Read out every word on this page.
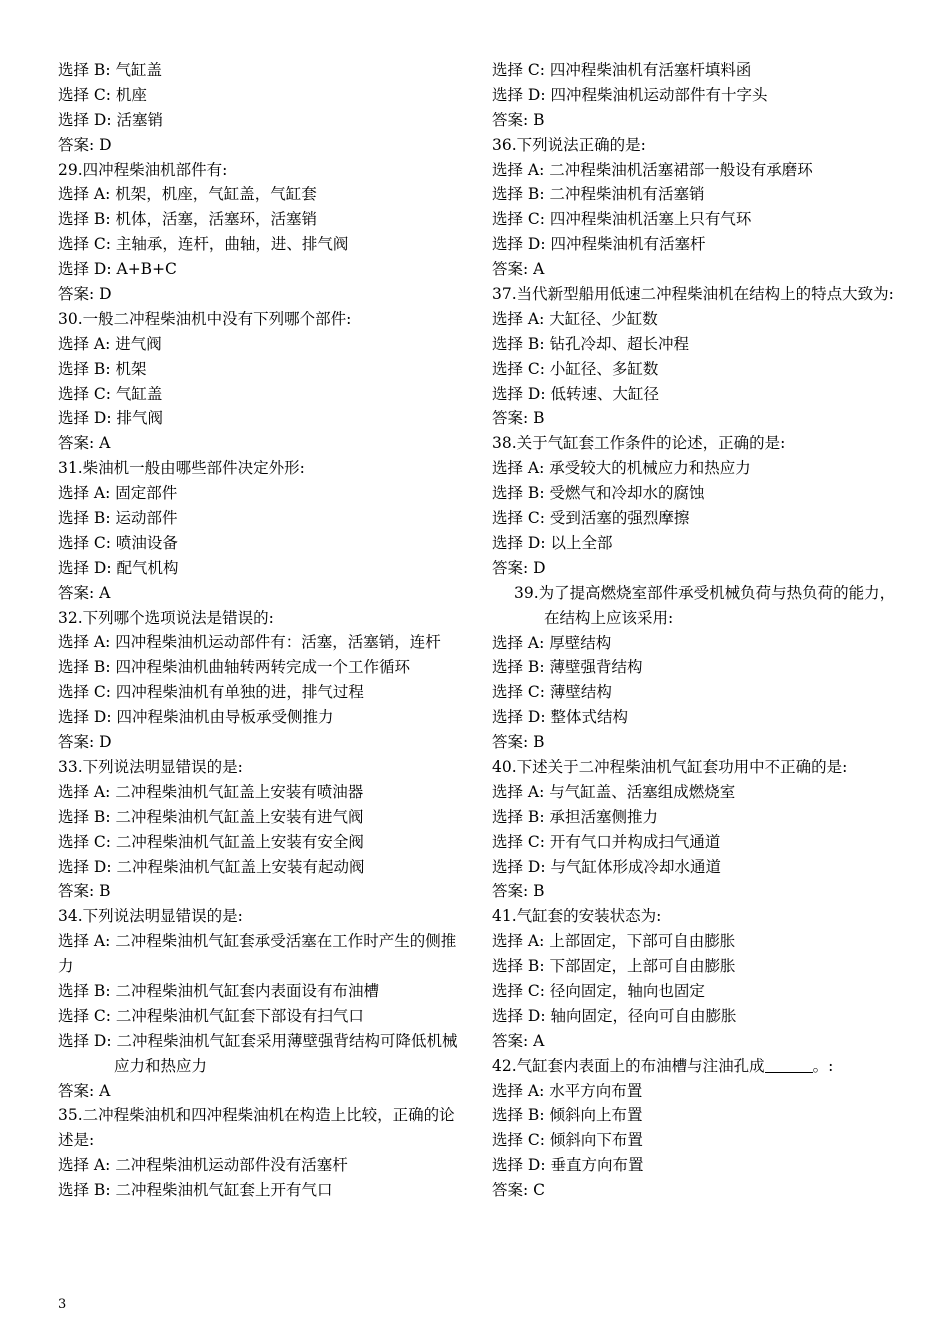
选择 B: 气缸盖
选择 C: 机座
选择 D: 活塞销
答案: D
29.四冲程柴油机部件有:
选择 A: 机架，机座，气缸盖，气缸套
选择 B: 机体，活塞，活塞环，活塞销
选择 C: 主轴承，连杆，曲轴，进、排气阀
选择 D: A+B+C
答案: D
30.一般二冲程柴油机中没有下列哪个部件:
选择 A: 进气阀
选择 B: 机架
选择 C: 气缸盖
选择 D: 排气阀
答案: A
31.柴油机一般由哪些部件决定外形:
选择 A: 固定部件
选择 B: 运动部件
选择 C: 喷油设备
选择 D: 配气机构
答案: A
32.下列哪个选项说法是错误的:
选择 A: 四冲程柴油机运动部件有：活塞，活塞销，连杆
选择 B: 四冲程柴油机曲轴转两转完成一个工作循环
选择 C: 四冲程柴油机有单独的进，排气过程
选择 D: 四冲程柴油机由导板承受侧推力
答案: D
33.下列说法明显错误的是:
选择 A: 二冲程柴油机气缸盖上安装有喷油器
选择 B: 二冲程柴油机气缸盖上安装有进气阀
选择 C: 二冲程柴油机气缸盖上安装有安全阀
选择 D: 二冲程柴油机气缸盖上安装有起动阀
答案: B
34.下列说法明显错误的是:
选择 A: 二冲程柴油机气缸套承受活塞在工作时产生的侧推力
选择 B: 二冲程柴油机气缸套内表面设有布油槽
选择 C: 二冲程柴油机气缸套下部设有扫气口
选择 D: 二冲程柴油机气缸套采用薄壁强背结构可降低机械应力和热应力
答案: A
35.二冲程柴油机和四冲程柴油机在构造上比较，正确的论述是:
选择 A: 二冲程柴油机运动部件没有活塞杆
选择 B: 二冲程柴油机气缸套上开有气口
选择 C: 四冲程柴油机有活塞杆填料函
选择 D: 四冲程柴油机运动部件有十字头
答案: B
36.下列说法正确的是:
选择 A: 二冲程柴油机活塞裙部一般设有承磨环
选择 B: 二冲程柴油机有活塞销
选择 C: 四冲程柴油机活塞上只有气环
选择 D: 四冲程柴油机有活塞杆
答案: A
37.当代新型船用低速二冲程柴油机在结构上的特点大致为:
选择 A: 大缸径、少缸数
选择 B: 钻孔冷却、超长冲程
选择 C: 小缸径、多缸数
选择 D: 低转速、大缸径
答案: B
38.关于气缸套工作条件的论述，正确的是:
选择 A: 承受较大的机械应力和热应力
选择 B: 受燃气和冷却水的腐蚀
选择 C: 受到活塞的强烈摩擦
选择 D: 以上全部
答案: D
39.为了提高燃烧室部件承受机械负荷与热负荷的能力，在结构上应该采用:
选择 A: 厚壁结构
选择 B: 薄壁强背结构
选择 C: 薄壁结构
选择 D: 整体式结构
答案: B
40.下述关于二冲程柴油机气缸套功用中不正确的是:
选择 A: 与气缸盖、活塞组成燃烧室
选择 B: 承担活塞侧推力
选择 C: 开有气口并构成扫气通道
选择 D: 与气缸体形成冷却水通道
答案: B
41.气缸套的安装状态为:
选择 A: 上部固定，下部可自由膨胀
选择 B: 下部固定，上部可自由膨胀
选择 C: 径向固定，轴向也固定
选择 D: 轴向固定，径向可自由膨胀
答案: A
42.气缸套内表面上的布油槽与注油孔成	。:
选择 A: 水平方向布置
选择 B: 倾斜向上布置
选择 C: 倾斜向下布置
选择 D: 垂直方向布置
答案: C
3
